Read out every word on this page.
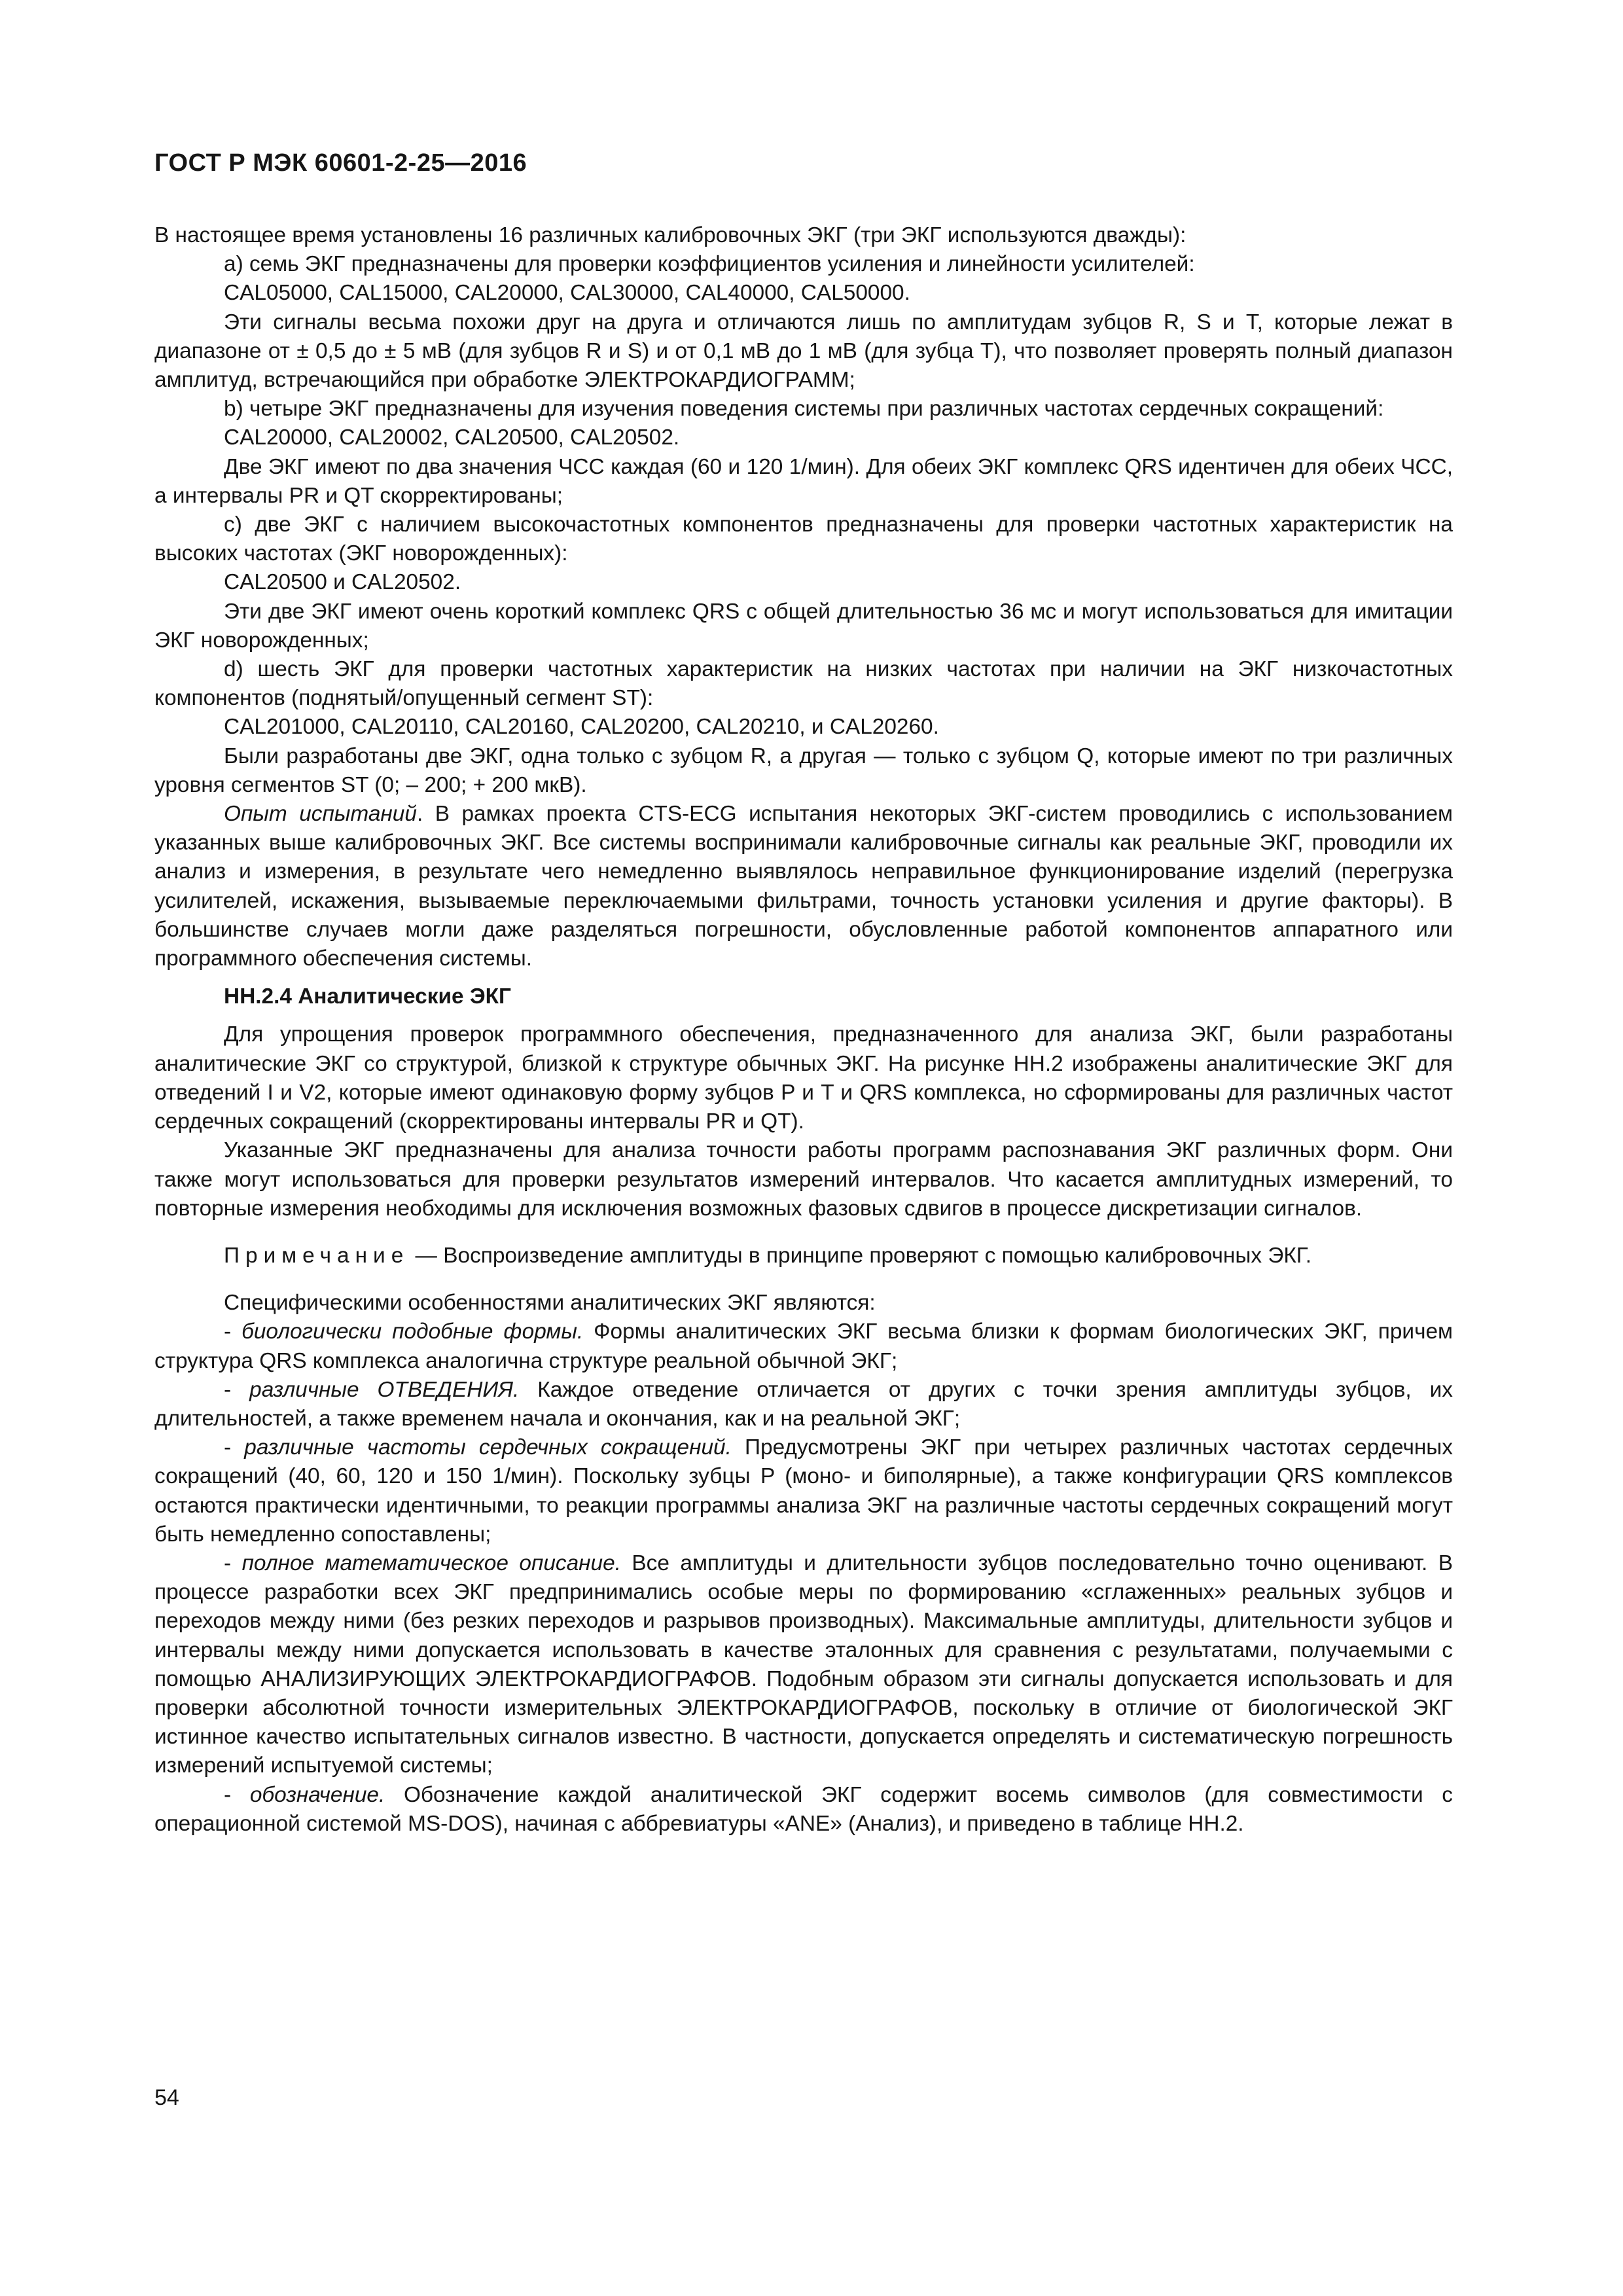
ГОСТ Р МЭК 60601-2-25—2016

В настоящее время установлены 16 различных калибровочных ЭКГ (три ЭКГ используются дважды):

a) семь ЭКГ предназначены для проверки коэффициентов усиления и линейности усилителей:

CAL05000, CAL15000, CAL20000, CAL30000, CAL40000, CAL50000.

Эти сигналы весьма похожи друг на друга и отличаются лишь по амплитудам зубцов R, S и T, которые лежат в диапазоне от ± 0,5 до ± 5 мВ (для зубцов R и S) и от 0,1 мВ до 1 мВ (для зубца T), что позволяет проверять полный диапазон амплитуд, встречающийся при обработке ЭЛЕКТРОКАРДИОГРАММ;

b) четыре ЭКГ предназначены для изучения поведения системы при различных частотах сердечных сокращений:

CAL20000, CAL20002, CAL20500, CAL20502.

Две ЭКГ имеют по два значения ЧСС каждая (60 и 120 1/мин). Для обеих ЭКГ комплекс QRS идентичен для обеих ЧСС, а интервалы PR и QT скорректированы;

c) две ЭКГ с наличием высокочастотных компонентов предназначены для проверки частотных характеристик на высоких частотах (ЭКГ новорожденных):

CAL20500 и CAL20502.

Эти две ЭКГ имеют очень короткий комплекс QRS с общей длительностью 36 мс и могут использоваться для имитации ЭКГ новорожденных;

d) шесть ЭКГ для проверки частотных характеристик на низких частотах при наличии на ЭКГ низкочастотных компонентов (поднятый/опущенный сегмент ST):

CAL201000, CAL20110, CAL20160, CAL20200, CAL20210, и CAL20260.

Были разработаны две ЭКГ, одна только с зубцом R, а другая — только с зубцом Q, которые имеют по три различных уровня сегментов ST (0; – 200; + 200 мкВ).

Опыт испытаний. В рамках проекта CTS-ECG испытания некоторых ЭКГ-систем проводились с использованием указанных выше калибровочных ЭКГ. Все системы воспринимали калибровочные сигналы как реальные ЭКГ, проводили их анализ и измерения, в результате чего немедленно выявлялось неправильное функционирование изделий (перегрузка усилителей, искажения, вызываемые переключаемыми фильтрами, точность установки усиления и другие факторы). В большинстве случаев могли даже разделяться погрешности, обусловленные работой компонентов аппаратного или программного обеспечения системы.

НН.2.4 Аналитические ЭКГ

Для упрощения проверок программного обеспечения, предназначенного для анализа ЭКГ, были разработаны аналитические ЭКГ со структурой, близкой к структуре обычных ЭКГ. На рисунке НН.2 изображены аналитические ЭКГ для отведений I и V2, которые имеют одинаковую форму зубцов P и T и QRS комплекса, но сформированы для различных частот сердечных сокращений (скорректированы интервалы PR и QT).

Указанные ЭКГ предназначены для анализа точности работы программ распознавания ЭКГ различных форм. Они также могут использоваться для проверки результатов измерений интервалов. Что касается амплитудных измерений, то повторные измерения необходимы для исключения возможных фазовых сдвигов в процессе дискретизации сигналов.

Примечание — Воспроизведение амплитуды в принципе проверяют с помощью калибровочных ЭКГ.

Специфическими особенностями аналитических ЭКГ являются:

- биологически подобные формы. Формы аналитических ЭКГ весьма близки к формам биологических ЭКГ, причем структура QRS комплекса аналогична структуре реальной обычной ЭКГ;

- различные ОТВЕДЕНИЯ. Каждое отведение отличается от других с точки зрения амплитуды зубцов, их длительностей, а также временем начала и окончания, как и на реальной ЭКГ;

- различные частоты сердечных сокращений. Предусмотрены ЭКГ при четырех различных частотах сердечных сокращений (40, 60, 120 и 150 1/мин). Поскольку зубцы P (моно- и биполярные), а также конфигурации QRS комплексов остаются практически идентичными, то реакции программы анализа ЭКГ на различные частоты сердечных сокращений могут быть немедленно сопоставлены;

- полное математическое описание. Все амплитуды и длительности зубцов последовательно точно оценивают. В процессе разработки всех ЭКГ предпринимались особые меры по формированию «сглаженных» реальных зубцов и переходов между ними (без резких переходов и разрывов производных). Максимальные амплитуды, длительности зубцов и интервалы между ними допускается использовать в качестве эталонных для сравнения с результатами, получаемыми с помощью АНАЛИЗИРУЮЩИХ ЭЛЕКТРОКАРДИОГРАФОВ. Подобным образом эти сигналы допускается использовать и для проверки абсолютной точности измерительных ЭЛЕКТРОКАРДИОГРАФОВ, поскольку в отличие от биологической ЭКГ истинное качество испытательных сигналов известно. В частности, допускается определять и систематическую погрешность измерений испытуемой системы;

- обозначение. Обозначение каждой аналитической ЭКГ содержит восемь символов (для совместимости с операционной системой MS-DOS), начиная с аббревиатуры «ANE» (Анализ), и приведено в таблице НН.2.

54
